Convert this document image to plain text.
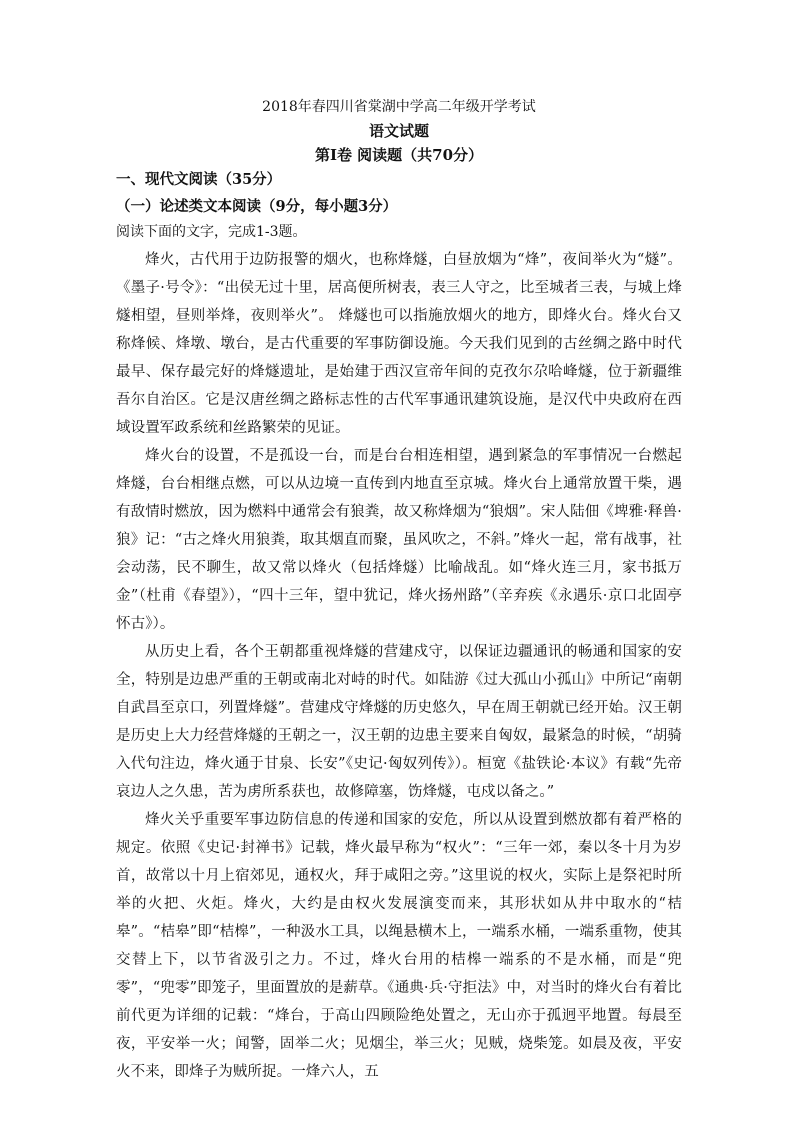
2018年春四川省棠湖中学高二年级开学考试

语文试题

第Ⅰ卷 阅读题（共70分）

一、现代文阅读（35分）

（一）论述类文本阅读（9分，每小题3分）

阅读下面的文字，完成1-3题。

烽火，古代用于边防报警的烟火，也称烽燧，白昼放烟为“烽”，夜间举火为“燧”。《墨子·号令》：“出侯无过十里，居高便所树表，表三人守之，比至城者三表，与城上烽燧相望，昼则举烽，夜则举火”。 烽燧也可以指施放烟火的地方，即烽火台。烽火台又称烽候、烽墩、墩台，是古代重要的军事防御设施。今天我们见到的古丝绸之路中时代最早、保存最完好的烽燧遗址，是始建于西汉宣帝年间的克孜尔尕哈峰燧，位于新疆维吾尔自治区。它是汉唐丝绸之路标志性的古代军事通讯建筑设施，是汉代中央政府在西域设置军政系统和丝路繁荣的见证。

烽火台的设置，不是孤设一台，而是台台相连相望，遇到紧急的军事情况一台燃起烽燧，台台相继点燃，可以从边境一直传到内地直至京城。烽火台上通常放置干柴，遇有敌情时燃放，因为燃料中通常会有狼粪，故又称烽烟为“狼烟”。宋人陆佃《埤雅·释兽·狼》记：“古之烽火用狼粪，取其烟直而聚，虽风吹之，不斜。”烽火一起，常有战事，社会动荡，民不聊生，故又常以烽火（包括烽燧）比喻战乱。如“烽火连三月，家书抵万金”（杜甫《春望》），“四十三年，望中犹记，烽火扬州路”（辛弃疾《永遇乐·京口北固亭怀古》）。

从历史上看，各个王朝都重视烽燧的营建戍守，以保证边疆通讯的畅通和国家的安全，特别是边患严重的王朝或南北对峙的时代。如陆游《过大孤山小孤山》中所记“南朝自武昌至京口，列置烽燧”。营建戍守烽燧的历史悠久，早在周王朝就已经开始。汉王朝是历史上大力经营烽燧的王朝之一，汉王朝的边患主要来自匈奴，最紧急的时候，“胡骑入代句注边，烽火通于甘泉、长安”《史记·匈奴列传》）。桓宽《盐铁论·本议》有载“先帝哀边人之久患，苦为虏所系获也，故修障塞，饬烽燧，屯戍以备之。”

烽火关乎重要军事边防信息的传递和国家的安危，所以从设置到燃放都有着严格的规定。依照《史记·封禅书》记载，烽火最早称为“权火”：“三年一郊，秦以冬十月为岁首，故常以十月上宿郊见，通权火，拜于咸阳之旁。”这里说的权火，实际上是祭祀时所举的火把、火炬。烽火，大约是由权火发展演变而来，其形状如从井中取水的“桔皋”。“桔皋”即“桔槔”，一种汲水工具，以绳悬横木上，一端系水桶，一端系重物，使其交替上下，以节省汲引之力。不过，烽火台用的桔槔一端系的不是水桶，而是“兜零”，“兜零”即笼子，里面置放的是薪草。《通典·兵·守拒法》中，对当时的烽火台有着比前代更为详细的记载：“烽台，于高山四顾险绝处置之，无山亦于孤迥平地置。每晨至夜，平安举一火；闻警，固举二火；见烟尘，举三火；见贼，烧柴笼。如晨及夜，平安火不来，即烽子为贼所捉。一烽六人，五
